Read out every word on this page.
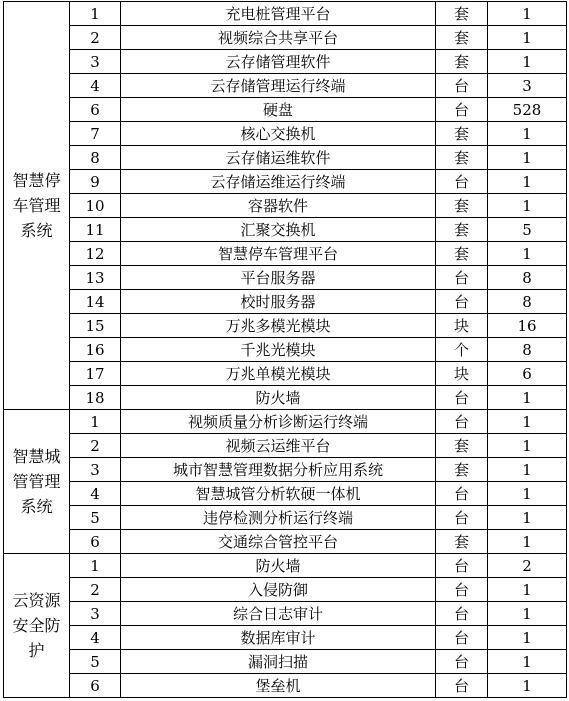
智慧停车管理系统	1	充电桩管理平台	套	1
	2	视频综合共享平台	套	1
	3	云存储管理软件	套	1
	4	云存储管理运行终端	台	3
	6	硬盘	台	528
	7	核心交换机	套	1
	8	云存储运维软件	套	1
	9	云存储运维运行终端	台	1
	10	容器软件	套	1
	11	汇聚交换机	套	5
	12	智慧停车管理平台	套	1
	13	平台服务器	台	8
	14	校时服务器	台	8
	15	万兆多模光模块	块	16
	16	千兆光模块	个	8
	17	万兆单模光模块	块	6
	18	防火墙	台	1
智慧城管管理系统	1	视频质量分析诊断运行终端	台	1
	2	视频云运维平台	套	1
	3	城市智慧管理数据分析应用系统	套	1
	4	智慧城管分析软硬一体机	台	1
	5	违停检测分析运行终端	台	1
	6	交通综合管控平台	套	1
云资源安全防护	1	防火墙	台	2
	2	入侵防御	台	1
	3	综合日志审计	台	1
	4	数据库审计	台	1
	5	漏洞扫描	台	1
	6	堡垒机	台	1
